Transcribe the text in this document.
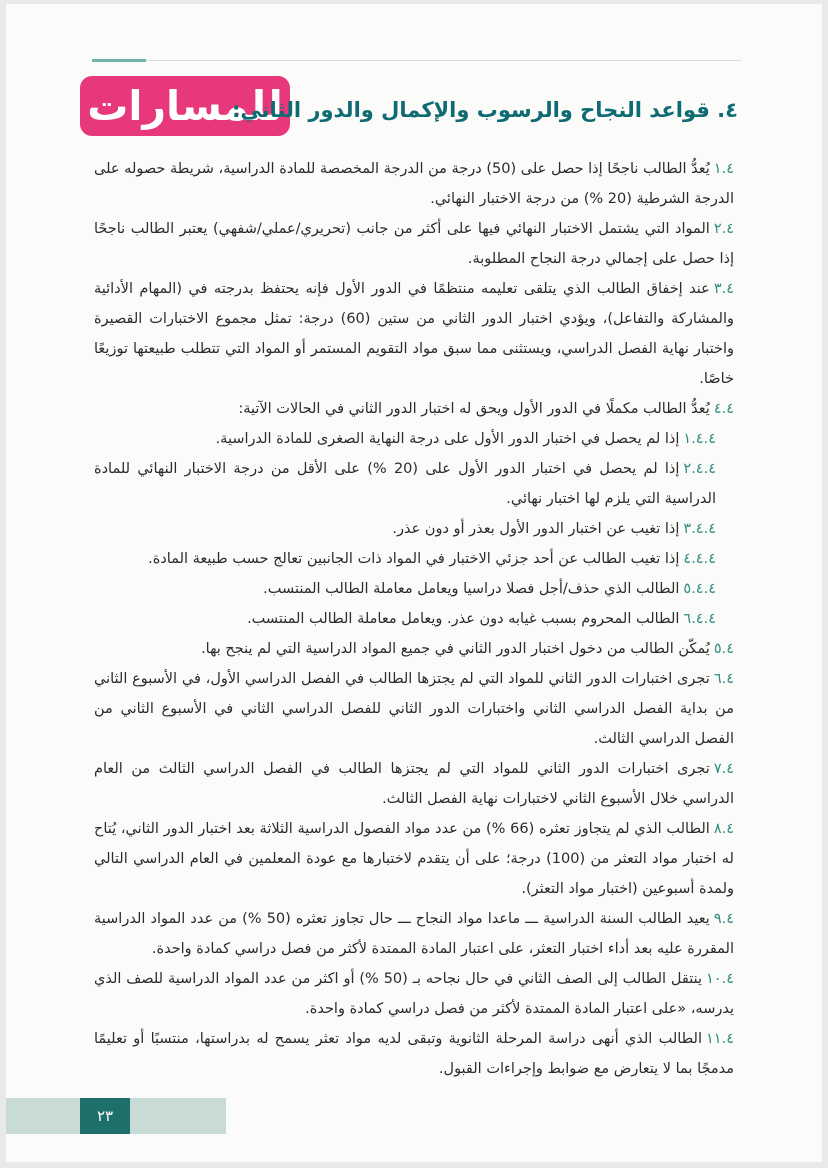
للمسارات
٤. قواعد النجاح والرسوب والإكمال والدور الثاني:

١.٤يُعدُّ الطالب ناجحًا إذا حصل على (50) درجة من الدرجة المخصصة للمادة الدراسية، شريطة حصوله على الدرجة الشرطية (20 %) من درجة الاختبار النهائي.

٢.٤المواد التي يشتمل الاختبار النهائي فيها على أكثر من جانب (تحريري/عملي/شفهي) يعتبر الطالب ناجحًا إذا حصل على إجمالي درجة النجاح المطلوبة.

٣.٤عند إخفاق الطالب الذي يتلقى تعليمه منتظمًا في الدور الأول فإنه يحتفظ بدرجته في (المهام الأدائية والمشاركة والتفاعل)، ويؤدي اختبار الدور الثاني من ستين (60) درجة: تمثل مجموع الاختبارات القصيرة واختبار نهاية الفصل الدراسي، ويستثنى مما سبق مواد التقويم المستمر أو المواد التي تتطلب طبيعتها توزيعًا خاصًا.

٤.٤يُعدُّ الطالب مكملًا في الدور الأول ويحق له اختبار الدور الثاني في الحالات الآتية:

١.٤.٤إذا لم يحصل في اختبار الدور الأول على درجة النهاية الصغرى للمادة الدراسية.

٢.٤.٤إذا لم يحصل في اختبار الدور الأول على (20 %) على الأقل من درجة الاختبار النهائي للمادة الدراسية التي يلزم لها اختبار نهائي.

٣.٤.٤إذا تغيب عن اختبار الدور الأول بعذر أو دون عذر.

٤.٤.٤إذا تغيب الطالب عن أحد جزئي الاختبار في المواد ذات الجانبين تعالج حسب طبيعة المادة.

٥.٤.٤الطالب الذي حذف/أجل فصلا دراسيا ويعامل معاملة الطالب المنتسب.

٦.٤.٤الطالب المحروم بسبب غيابه دون عذر. ويعامل معاملة الطالب المنتسب.

٥.٤يُمكّن الطالب من دخول اختبار الدور الثاني في جميع المواد الدراسية التي لم ينجح بها.

٦.٤تجرى اختبارات الدور الثاني للمواد التي لم يجتزها الطالب في الفصل الدراسي الأول، في الأسبوع الثاني من بداية الفصل الدراسي الثاني واختبارات الدور الثاني للفصل الدراسي الثاني في الأسبوع الثاني من الفصل الدراسي الثالث.

٧.٤تجرى اختبارات الدور الثاني للمواد التي لم يجتزها الطالب في الفصل الدراسي الثالث من العام الدراسي خلال الأسبوع الثاني لاختبارات نهاية الفصل الثالث.

٨.٤الطالب الذي لم يتجاوز تعثره (66 %) من عدد مواد الفصول الدراسية الثلاثة بعد اختبار الدور الثاني، يُتاح له اختبار مواد التعثر من (100) درجة؛ على أن يتقدم لاختبارها مع عودة المعلمين في العام الدراسي التالي ولمدة أسبوعين (اختبار مواد التعثر).

٩.٤يعيد الطالب السنة الدراسية ـــ ماعدا مواد النجاح ـــ حال تجاوز تعثره (50 %) من عدد المواد الدراسية المقررة عليه بعد أداء اختبار التعثر، على اعتبار المادة الممتدة لأكثر من فصل دراسي كمادة واحدة.

١٠.٤ينتقل الطالب إلى الصف الثاني في حال نجاحه بـ (50 %) أو اكثر من عدد المواد الدراسية للصف الذي يدرسه، «على اعتبار المادة الممتدة لأكثر من فصل دراسي كمادة واحدة.

١١.٤الطالب الذي أنهى دراسة المرحلة الثانوية وتبقى لديه مواد تعثر يسمح له بدراستها، منتسبًا أو تعليمًا مدمجًا بما لا يتعارض مع ضوابط وإجراءات القبول.

٢٣
